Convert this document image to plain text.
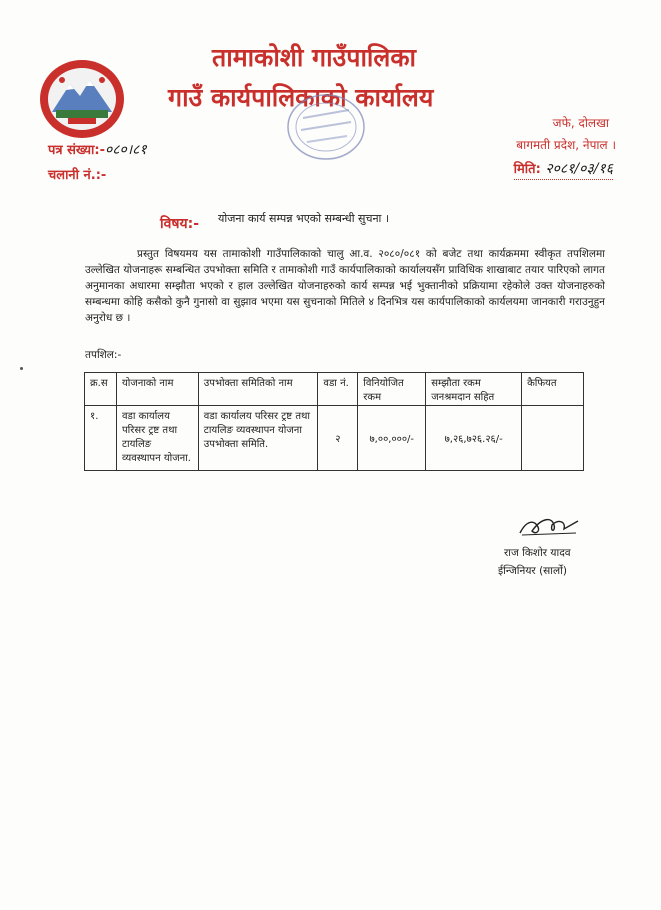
तामाकोशी गाउँपालिका
गाउँ कार्यपालिकाको कार्यालय
जफे, दोलखा
बागमती प्रदेश, नेपाल ।
पत्र संख्या:-०८०।८१
चलानी नं.:-	मिति: २०८१/०३/१६
विषय:- योजना कार्य सम्पन्न भएको सम्बन्धी सुचना ।

प्रस्तुत विषयमय यस तामाकोशी गाउँपालिकाको चालु आ.व. २०८०/०८१ को बजेट तथा कार्यक्रममा स्वीकृत तपशिलमा उल्लेखित योजनाहरू सम्बन्धित उपभोक्ता समिति र तामाकोशी गाउँ कार्यपालिकाको कार्यालयसँग प्राविधिक शाखाबाट तयार पारिएको लागत अनुमानका अधारमा सम्झौता भएको र हाल उल्लेखित योजनाहरुको कार्य सम्पन्न भई भुक्तानीको प्रक्रियामा रहेकोले उक्त योजनाहरुको सम्बन्धमा कोहि कसैको कुनै गुनासो वा सुझाव भएमा यस सुचनाको मितिले ४ दिनभित्र यस कार्यपालिकाको कार्यलयमा जानकारी गराउनुहुन अनुरोध छ ।

तपशिल:-
क्र.स	योजनाको नाम	उपभोक्ता समितिको नाम	वडा नं.	विनियोजित रकम	सम्झौता रकम जनश्रमदान सहित	कैफियत
१.	वडा कार्यालय परिसर ट्रष्ट तथा टायलिङ व्यवस्थापन योजना.	वडा कार्यालय परिसर ट्रष्ट तथा टायलिङ व्यवस्थापन योजना उपभोक्ता समिति.	२	७,००,०००/-	७,२६,७२६.२६/-	
राज किशोर यादव
ईन्जिनियर (सार्लो)
